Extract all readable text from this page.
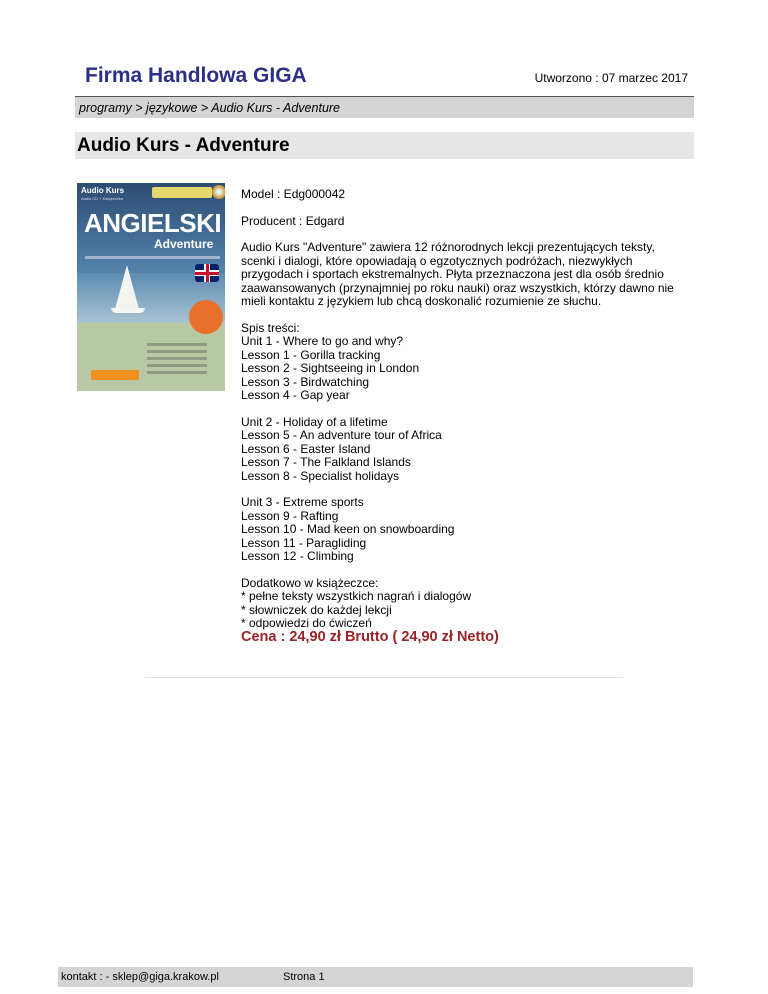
Firma Handlowa GIGA	Utworzono : 07 marzec 2017
programy > językowe > Audio Kurs - Adventure
Audio Kurs - Adventure
Audio Kurs
Audio CD + Książeczka
ANGIELSKI
Adventure

Model : Edg000042

Producent : Edgard

Audio Kurs "Adventure" zawiera 12 różnorodnych lekcji prezentujących teksty, scenki i dialogi, które opowiadają o egzotycznych podróżach, niezwykłych przygodach i sportach ekstremalnych. Płyta przeznaczona jest dla osób średnio zaawansowanych (przynajmniej po roku nauki) oraz wszystkich, którzy dawno nie mieli kontaktu z językiem lub chcą doskonalić rozumienie ze słuchu.

Spis treści:

Unit 1 - Where to go and why?

Lesson 1 - Gorilla tracking

Lesson 2 - Sightseeing in London

Lesson 3 - Birdwatching

Lesson 4 - Gap year

Unit 2 - Holiday of a lifetime

Lesson 5 - An adventure tour of Africa

Lesson 6 - Easter Island

Lesson 7 - The Falkland Islands

Lesson 8 - Specialist holidays

Unit 3 - Extreme sports

Lesson 9 - Rafting

Lesson 10 - Mad keen on snowboarding

Lesson 11 - Paragliding

Lesson 12 - Climbing

Dodatkowo w książeczce:

* pełne teksty wszystkich nagrań i dialogów

* słowniczek do każdej lekcji

* odpowiedzi do ćwiczeń

Cena : 24,90 zł Brutto ( 24,90 zł Netto)

kontakt : - sklep@giga.krakow.pl	Strona 1
